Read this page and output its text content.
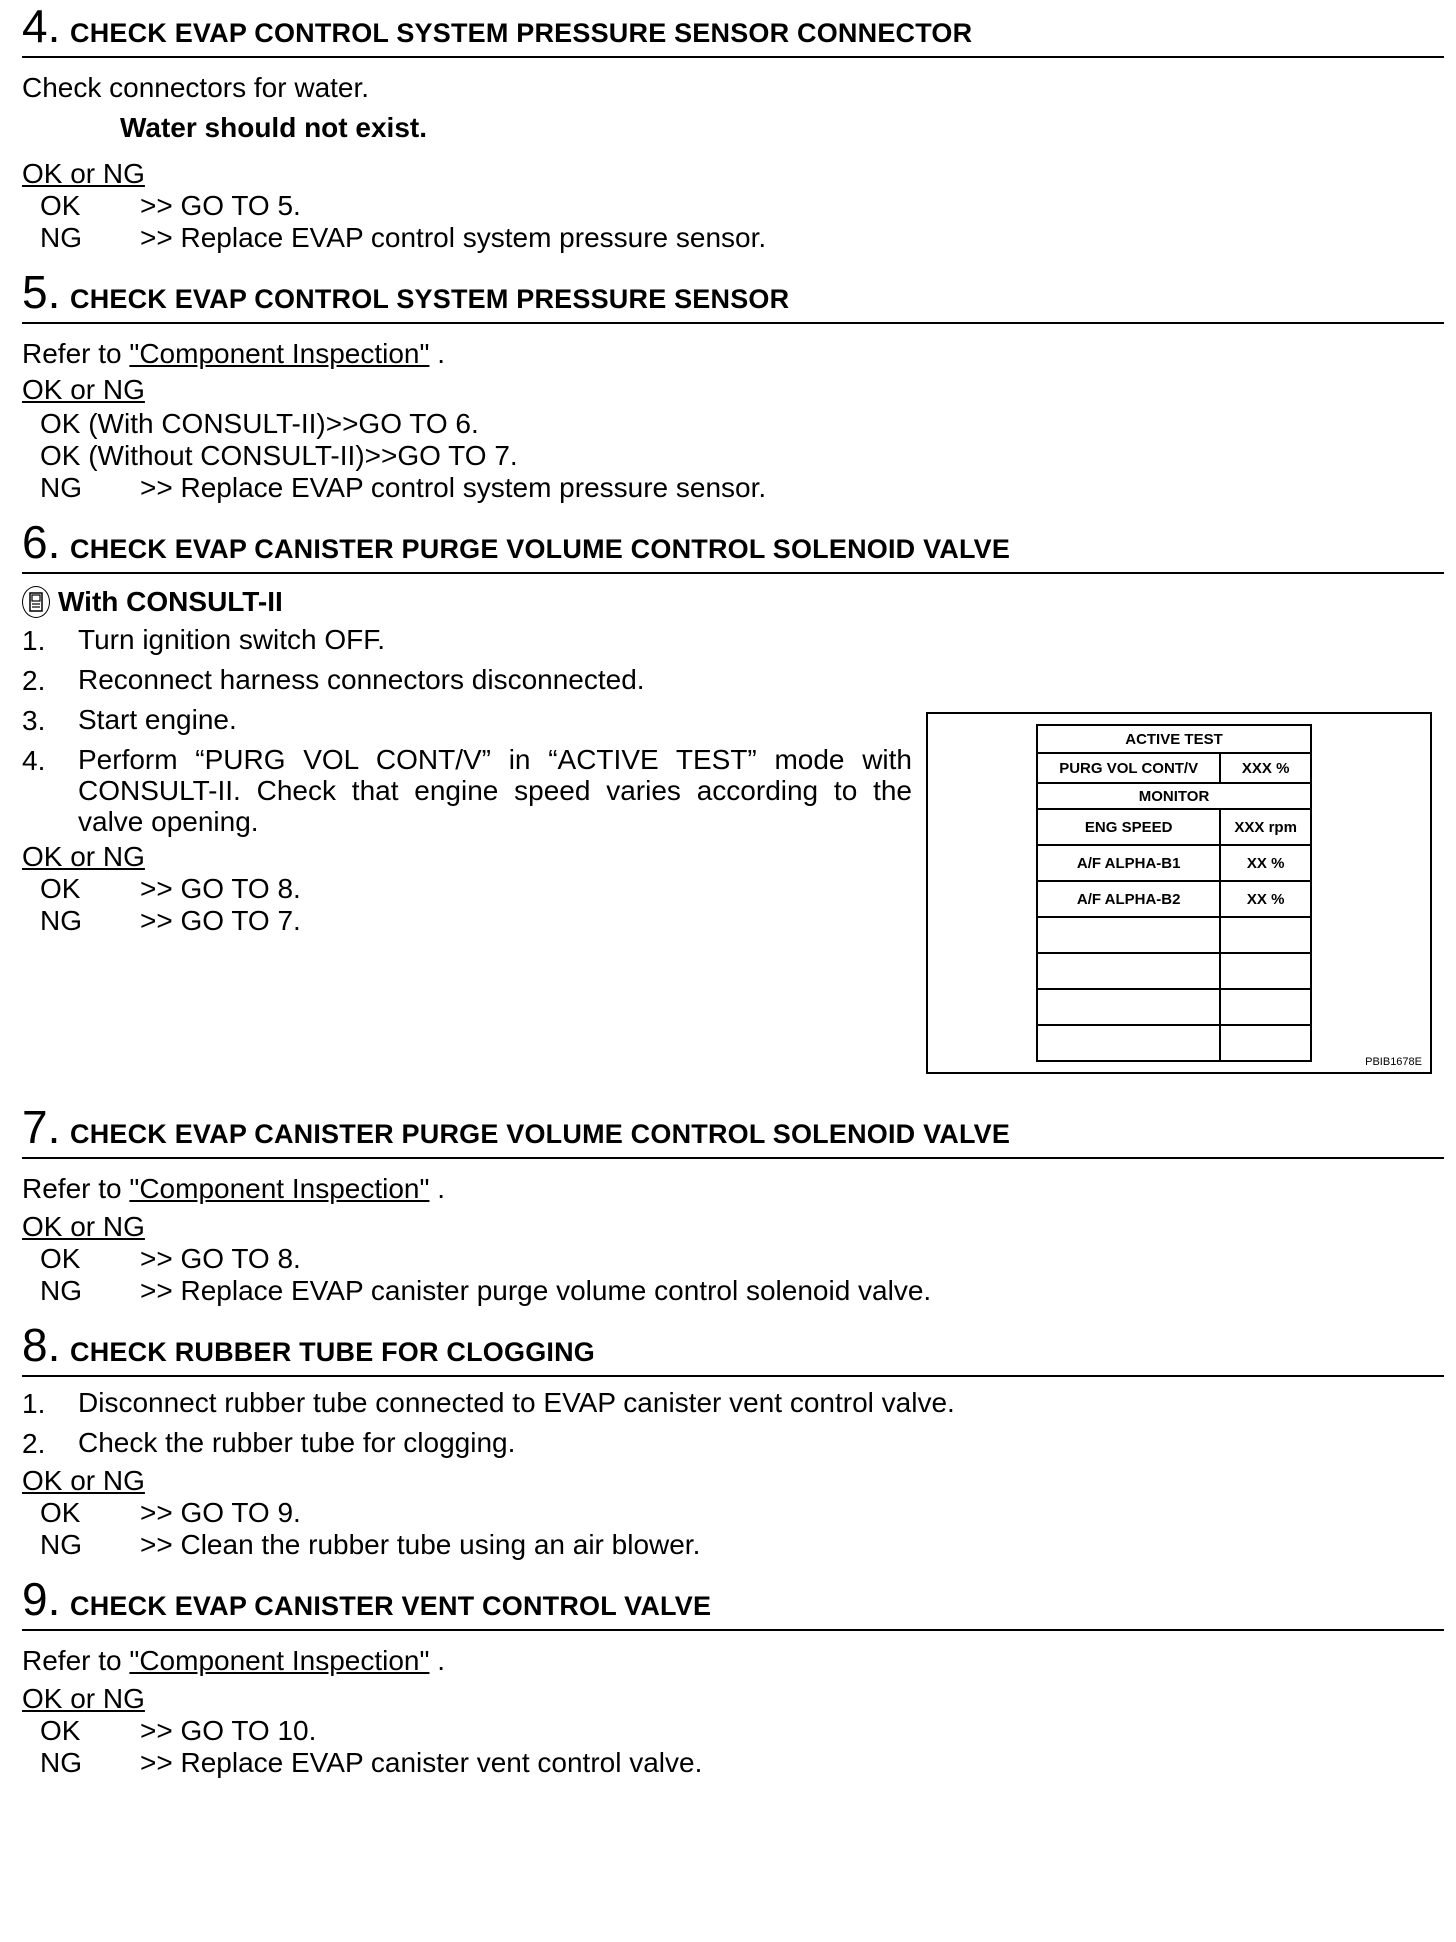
4. CHECK EVAP CONTROL SYSTEM PRESSURE SENSOR CONNECTOR
Check connectors for water.
Water should not exist.
OK or NG
OK	>> GO TO 5.
NG	>> Replace EVAP control system pressure sensor.
5. CHECK EVAP CONTROL SYSTEM PRESSURE SENSOR
Refer to "Component Inspection" .
OK or NG
OK (With CONSULT-II)>>GO TO 6.
OK (Without CONSULT-II)>>GO TO 7.
NG	>> Replace EVAP control system pressure sensor.
6. CHECK EVAP CANISTER PURGE VOLUME CONTROL SOLENOID VALVE
With CONSULT-II
1.	Turn ignition switch OFF.
2.	Reconnect harness connectors disconnected.
3.	Start engine.
4.	Perform “PURG VOL CONT/V” in “ACTIVE TEST” mode with CONSULT-II. Check that engine speed varies according to the valve opening.
OK or NG
OK	>> GO TO 8.
NG	>> GO TO 7.
ACTIVE TEST	
PURG VOL CONT/V	XXX %
MONITOR	
ENG SPEED	XXX rpm
A/F ALPHA-B1	XX %
A/F ALPHA-B2	XX %

PBIB1678E
7. CHECK EVAP CANISTER PURGE VOLUME CONTROL SOLENOID VALVE
Refer to "Component Inspection" .
OK or NG
OK	>> GO TO 8.
NG	>> Replace EVAP canister purge volume control solenoid valve.
8. CHECK RUBBER TUBE FOR CLOGGING
1.	Disconnect rubber tube connected to EVAP canister vent control valve.
2.	Check the rubber tube for clogging.
OK or NG
OK	>> GO TO 9.
NG	>> Clean the rubber tube using an air blower.
9. CHECK EVAP CANISTER VENT CONTROL VALVE
Refer to "Component Inspection" .
OK or NG
OK	>> GO TO 10.
NG	>> Replace EVAP canister vent control valve.
